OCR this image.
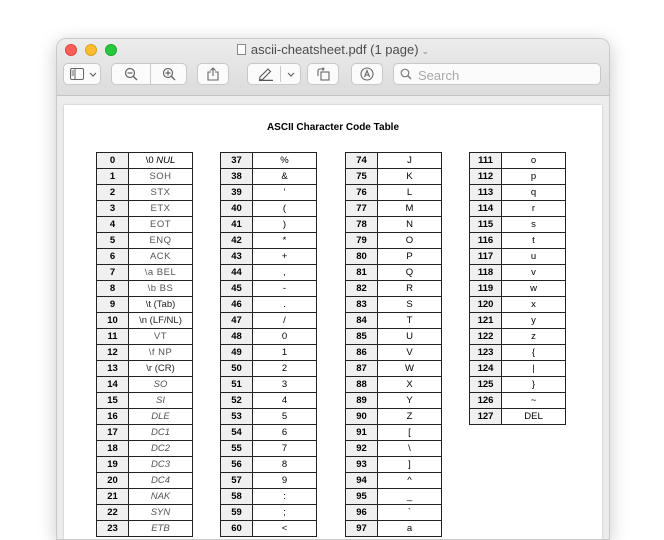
ascii-cheatsheet.pdf (1 page) ⌄
Search
ASCII Character Code Table
0	\0 NUL
1	SOH
2	STX
3	ETX
4	EOT
5	ENQ
6	ACK
7	\a BEL
8	\b BS
9	\t (Tab)
10	\n (LF/NL)
11	VT
12	\f NP
13	\r (CR)
14	SO
15	SI
16	DLE
17	DC1
18	DC2
19	DC3
20	DC4
21	NAK
22	SYN
23	ETB
37	%
38	&
39	'
40	(
41	)
42	*
43	+
44	,
45	-
46	.
47	/
48	0
49	1
50	2
51	3
52	4
53	5
54	6
55	7
56	8
57	9
58	:
59	;
60	<
74	J
75	K
76	L
77	M
78	N
79	O
80	P
81	Q
82	R
83	S
84	T
85	U
86	V
87	W
88	X
89	Y
90	Z
91	[
92	\
93	]
94	^
95	_
96	`
97	a
111	o
112	p
113	q
114	r
115	s
116	t
117	u
118	v
119	w
120	x
121	y
122	z
123	{
124	|
125	}
126	~
127	DEL
